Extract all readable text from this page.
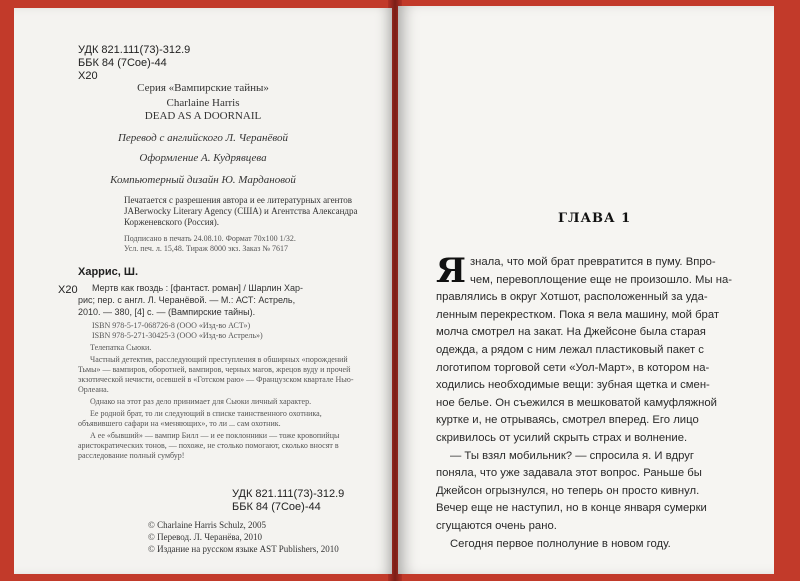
УДК 821.111(73)-312.9
ББК 84 (7Сое)-44
Х20
Серия «Вампирские тайны»
Charlaine Harris
DEAD AS A DOORNAIL
Перевод с английского Л. Черанёвой
Оформление А. Кудрявцева
Компьютерный дизайн Ю. Мардановой
Печатается с разрешения автора и ее литературных агентов
JABerwocky Literary Agency (США) и Агентства Александра
Корженевского (Россия).
Подписано в печать 24.08.10. Формат 70х100 1/32.
Усл. печ. л. 15,48. Тираж 8000 экз. Заказ № 7617
Харрис, Ш.
Х20 Мертв как гвоздь : [фантаст. роман] / Шарлин Хар-
рис; пер. с англ. Л. Черанёвой. — М.: АСТ: Астрель,
2010. — 380, [4] с. — (Вампирские тайны).
ISBN 978-5-17-068726-8 (ООО «Изд-во АСТ»)
ISBN 978-5-271-30425-3 (ООО «Изд-во Астрель»)

Телепатка Сьюки.

Частный детектив, расследующий преступления в обширных «порождений Тьмы» — вампиров, оборотней, вампиров, черных магов, жрецов вуду и прочей экзотической нечисти, осевшей в «Готском раю» — Французском квартале Нью-Орлеана.

Однако на этот раз дело принимает для Сьюки личный характер.

Ее родной брат, то ли следующий в списке таинственного охотника, объявившего сафари на «меняющих», то ли ... сам охотник.

А ее «бывший» — вампир Билл — и ее поклонники — тоже кровопийцы аристократических тонов, — похоже, не столько помогают, сколько вносят в расследование полный сумбур!

УДК 821.111(73)-312.9
ББК 84 (7Сое)-44
© Charlaine Harris Schulz, 2005
© Перевод. Л. Черанёва, 2010
© Издание на русском языке AST Publishers, 2010
ГЛАВА 1
Я знала, что мой брат превратится в пуму. Впро-
чем, перевоплощение еще не произошло. Мы на-
правлялись в округ Хотшот, расположенный за уда-
ленным перекрестком. Пока я вела машину, мой брат
молча смотрел на закат. На Джейсоне была старая
одежда, а рядом с ним лежал пластиковый пакет с
логотипом торговой сети «Уол-Март», в котором на-
ходились необходимые вещи: зубная щетка и смен-
ное белье. Он съежился в мешковатой камуфляжной
куртке и, не отрываясь, смотрел вперед. Его лицо
скривилось от усилий скрыть страх и волнение.
— Ты взял мобильник? — спросила я. И вдруг
поняла, что уже задавала этот вопрос. Раньше бы
Джейсон огрызнулся, но теперь он просто кивнул.
Вечер еще не наступил, но в конце января сумерки
сгущаются очень рано.
Сегодня первое полнолуние в новом году.
